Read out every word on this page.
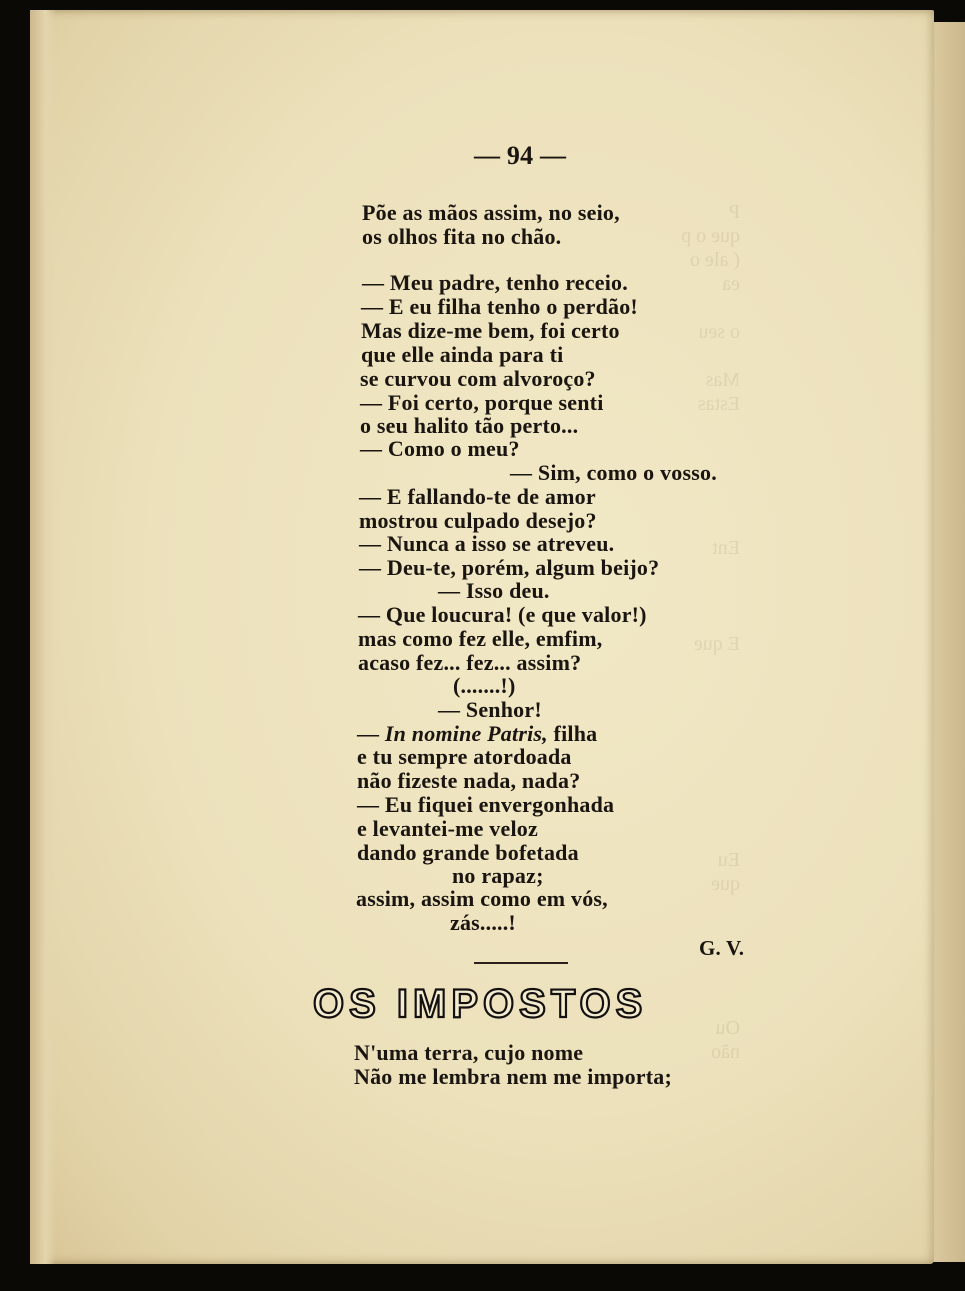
P
que o p
( ale o
ea

o seu

Mas
Estas

Ent

E que

Eu
que

Ou
não
— 94 —
Põe as mãos assim, no seio,
os olhos fita no chão.
— Meu padre, tenho receio.
— E eu filha tenho o perdão!
Mas dize-me bem, foi certo
que elle ainda para ti
se curvou com alvoroço?
— Foi certo, porque senti
o seu halito tão perto...
— Como o meu?
— Sim, como o vosso.
— E fallando-te de amor
mostrou culpado desejo?
— Nunca a isso se atreveu.
— Deu-te, porém, algum beijo?
— Isso deu.
— Que loucura! (e que valor!)
mas como fez elle, emfim,
acaso fez... fez... assim?
(.......!)
— Senhor!
— In nomine Patris, filha
e tu sempre atordoada
não fizeste nada, nada?
— Eu fiquei envergonhada
e levantei-me veloz
dando grande bofetada
no rapaz;
assim, assim como em vós,
zás.....!
G. V.
OS IMPOSTOS
N'uma terra, cujo nome
Não me lembra nem me importa;
